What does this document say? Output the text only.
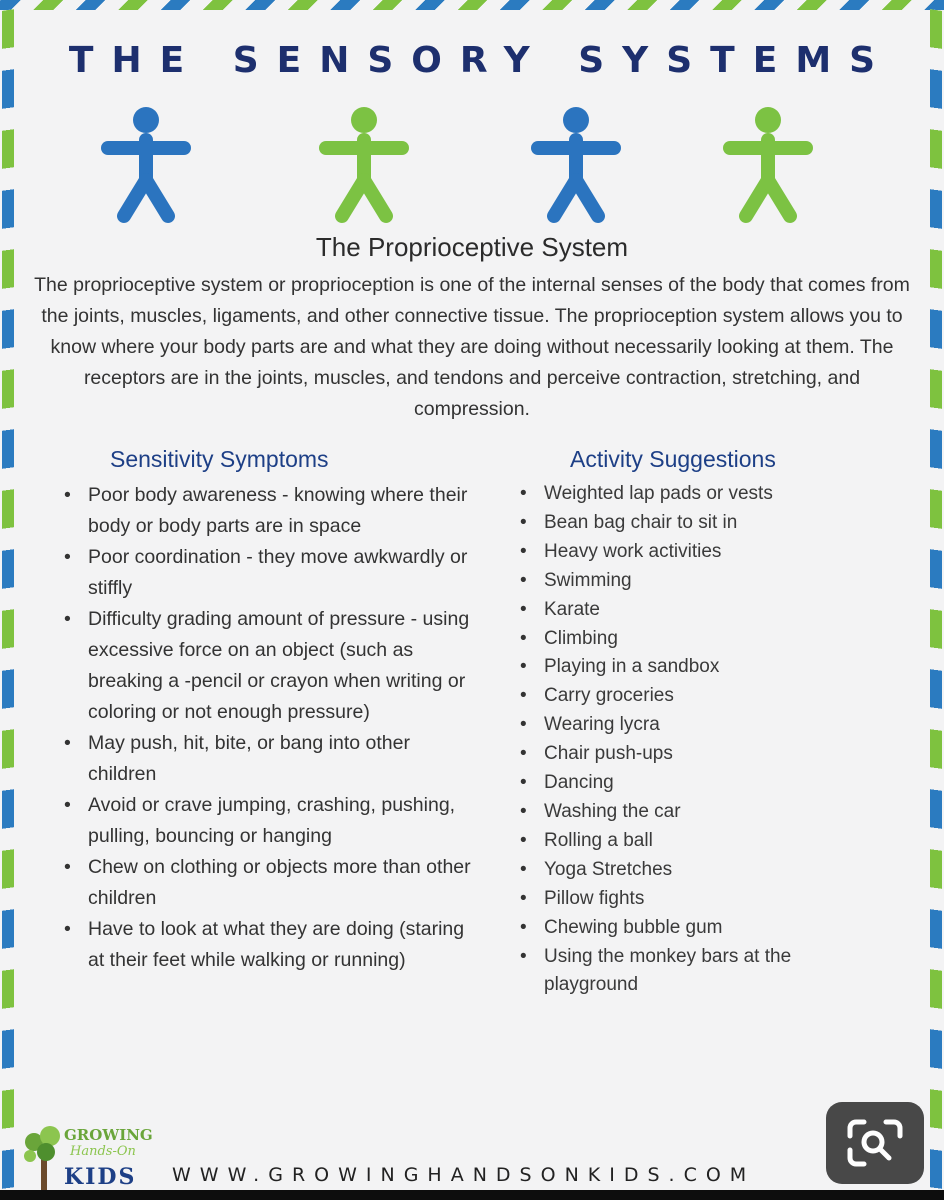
THE SENSORY SYSTEMS
The Proprioceptive System

The proprioceptive system or proprioception is one of the internal senses of the body that comes from the joints, muscles, ligaments, and other connective tissue. The proprioception system allows you to know where your body parts are and what they are doing without necessarily looking at them. The receptors are in the joints, muscles, and tendons and perceive contraction, stretching, and compression.

Sensitivity Symptoms
• Poor body awareness - knowing where their body or body parts are in space
• Poor coordination - they move awkwardly or stiffly
• Difficulty grading amount of pressure - using excessive force on an object (such as breaking a -pencil or crayon when writing or coloring or not enough pressure)
• May push, hit, bite, or bang into other children
• Avoid or crave jumping, crashing, pushing, pulling, bouncing or hanging
• Chew on clothing or objects more than other children
• Have to look at what they are doing (staring at their feet while walking or running)
Activity Suggestions
• Weighted lap pads or vests
• Bean bag chair to sit in
• Heavy work activities
• Swimming
• Karate
• Climbing
• Playing in a sandbox
• Carry groceries
• Wearing lycra
• Chair push-ups
• Dancing
• Washing the car
• Rolling a ball
• Yoga Stretches
• Pillow fights
• Chewing bubble gum
• Using the monkey bars at the playground
GROWING
Hands-On
KIDS WWW.GROWINGHANDSONKIDS.COM
